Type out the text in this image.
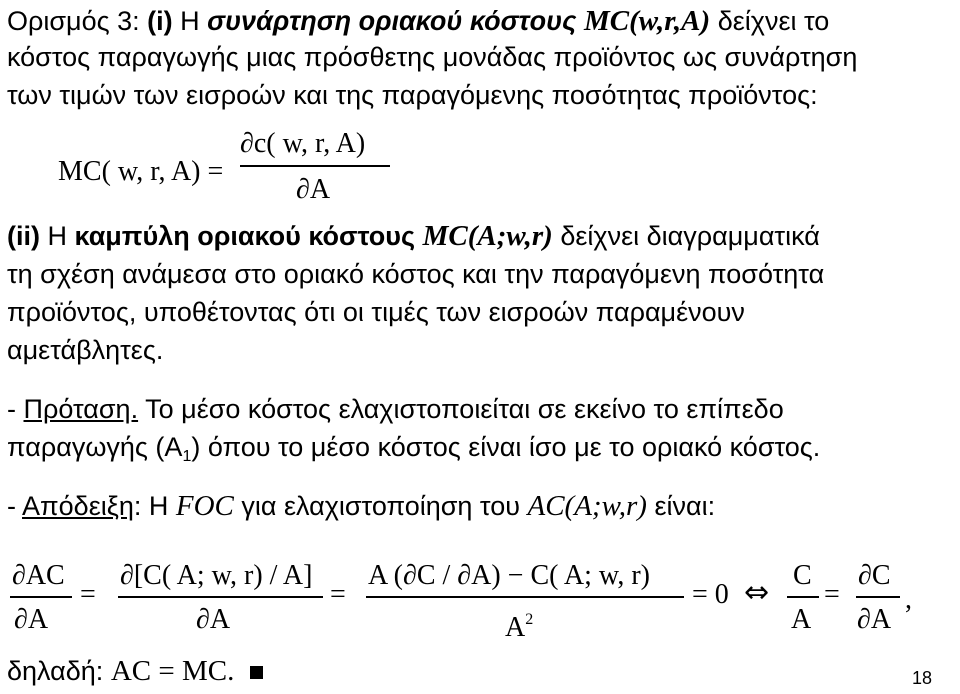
Ορισμός 3: (i) Η συνάρτηση οριακού κόστους MC(w,r,A) δείχνει το
κόστος παραγωγής μιας πρόσθετης μονάδας προϊόντος ως συνάρτηση
των τιμών των εισροών και της παραγόμενης ποσότητας προϊόντος:
MC( w, r, A) =
∂c( w, r, A)
∂A
(ii) Η καμπύλη οριακού κόστους MC(A;w,r) δείχνει διαγραμματικά
τη σχέση ανάμεσα στο οριακό κόστος και την παραγόμενη ποσότητα
προϊόντος, υποθέτοντας ότι οι τιμές των εισροών παραμένουν
αμετάβλητες.
- Πρόταση. Το μέσο κόστος ελαχιστοποιείται σε εκείνο το επίπεδο
παραγωγής $(A_1)$ όπου το μέσο κόστος είναι ίσο με το οριακό κόστος.
- Απόδειξη: Η FOC για ελαχιστοποίηση του AC(A;w,r) είναι:
∂AC
∂A
=
∂[C( A; w, r) / A]
∂A
=
A (∂C / ∂A) − C( A; w, r)
$A^2$
= 0 ⇔ C
A
=
∂C
∂A
,
δηλαδή: AC = MC.	18
